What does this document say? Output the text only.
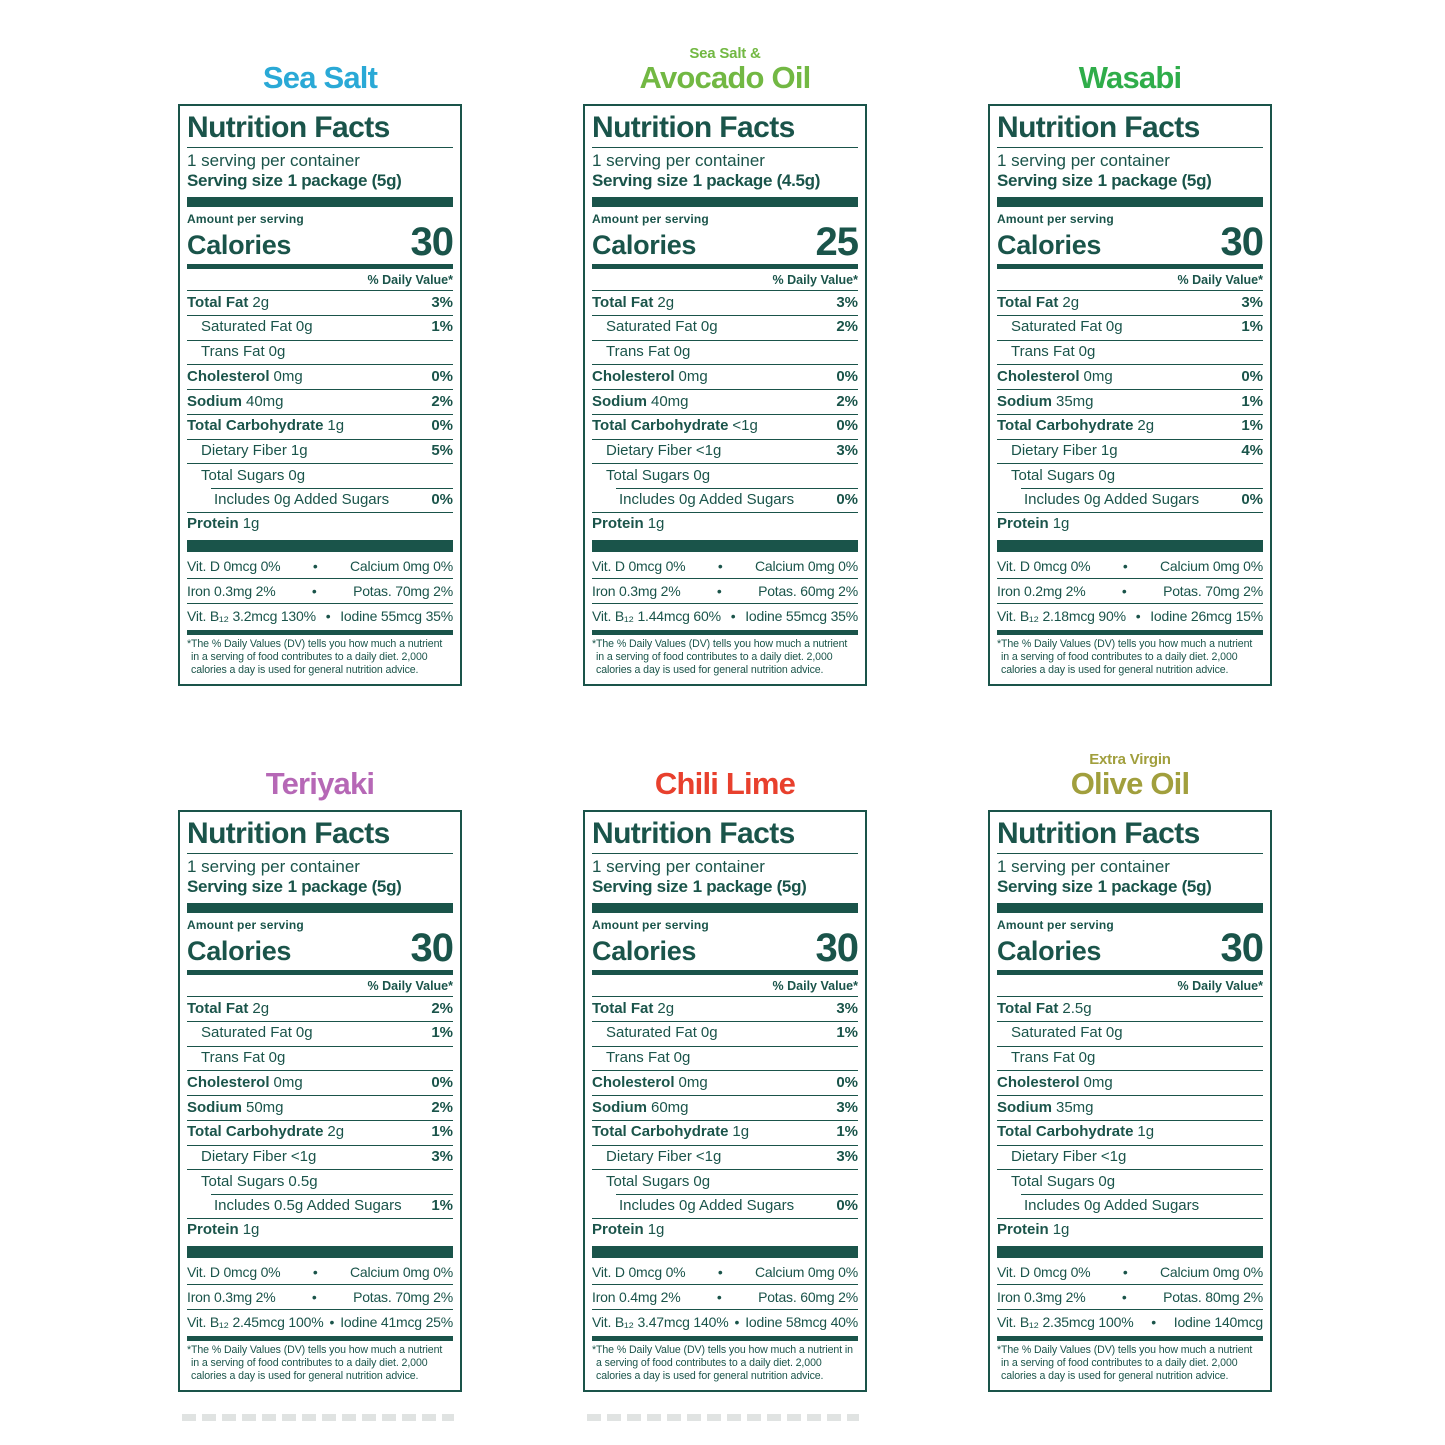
Sea Salt
Nutrition Facts
1 serving per container
Serving size 1 package (5g)
Amount per serving
Calories	30
% Daily Value*
Total Fat 2g	3%
Saturated Fat 0g	1%
Trans Fat 0g
Cholesterol 0mg	0%
Sodium 40mg	2%
Total Carbohydrate 1g	0%
Dietary Fiber 1g	5%
Total Sugars 0g
Includes 0g Added Sugars	0%
Protein 1g
Vit. D 0mcg 0%	•	Calcium 0mg 0%
Iron 0.3mg 2%	•	Potas. 70mg 2%
Vit. B₁₂ 3.2mcg 130% • Iodine 55mcg 35%
*The % Daily Values (DV) tells you how much a nutrient in a serving of food contributes to a daily diet. 2,000 calories a day is used for general nutrition advice.
Sea Salt &
Avocado Oil
Nutrition Facts
1 serving per container
Serving size 1 package (4.5g)
Amount per serving
Calories	25
% Daily Value*
Total Fat 2g	3%
Saturated Fat 0g	2%
Trans Fat 0g
Cholesterol 0mg	0%
Sodium 40mg	2%
Total Carbohydrate <1g	0%
Dietary Fiber <1g	3%
Total Sugars 0g
Includes 0g Added Sugars	0%
Protein 1g
Vit. D 0mcg 0%	•	Calcium 0mg 0%
Iron 0.3mg 2%	•	Potas. 60mg 2%
Vit. B₁₂ 1.44mcg 60% • Iodine 55mcg 35%
*The % Daily Values (DV) tells you how much a nutrient in a serving of food contributes to a daily diet. 2,000 calories a day is used for general nutrition advice.
Wasabi
Nutrition Facts
1 serving per container
Serving size 1 package (5g)
Amount per serving
Calories	30
% Daily Value*
Total Fat 2g	3%
Saturated Fat 0g	1%
Trans Fat 0g
Cholesterol 0mg	0%
Sodium 35mg	1%
Total Carbohydrate 2g	1%
Dietary Fiber 1g	4%
Total Sugars 0g
Includes 0g Added Sugars	0%
Protein 1g
Vit. D 0mcg 0%	•	Calcium 0mg 0%
Iron 0.2mg 2%	•	Potas. 70mg 2%
Vit. B₁₂ 2.18mcg 90% • Iodine 26mcg 15%
*The % Daily Values (DV) tells you how much a nutrient in a serving of food contributes to a daily diet. 2,000 calories a day is used for general nutrition advice.
Teriyaki
Nutrition Facts
1 serving per container
Serving size 1 package (5g)
Amount per serving
Calories	30
% Daily Value*
Total Fat 2g	2%
Saturated Fat 0g	1%
Trans Fat 0g
Cholesterol 0mg	0%
Sodium 50mg	2%
Total Carbohydrate 2g	1%
Dietary Fiber <1g	3%
Total Sugars 0.5g
Includes 0.5g Added Sugars 1%
Protein 1g
Vit. D 0mcg 0%	•	Calcium 0mg 0%
Iron 0.3mg 2%	•	Potas. 70mg 2%
Vit. B₁₂ 2.45mcg 100% • Iodine 41mcg 25%
*The % Daily Values (DV) tells you how much a nutrient in a serving of food contributes to a daily diet. 2,000 calories a day is used for general nutrition advice.
Chili Lime
Nutrition Facts
1 serving per container
Serving size 1 package (5g)
Amount per serving
Calories	30
% Daily Value*
Total Fat 2g	3%
Saturated Fat 0g	1%
Trans Fat 0g
Cholesterol 0mg	0%
Sodium 60mg	3%
Total Carbohydrate 1g	1%
Dietary Fiber <1g	3%
Total Sugars 0g
Includes 0g Added Sugars	0%
Protein 1g
Vit. D 0mcg 0%	•	Calcium 0mg 0%
Iron 0.4mg 2%	•	Potas. 60mg 2%
Vit. B₁₂ 3.47mcg 140% • Iodine 58mcg 40%
*The % Daily Value (DV) tells you how much a nutrient in a serving of food contributes to a daily diet. 2,000 calories a day is used for general nutrition advice.
Extra Virgin
Olive Oil
Nutrition Facts
1 serving per container
Serving size 1 package (5g)
Amount per serving
Calories	30
% Daily Value*
Total Fat 2.5g
Saturated Fat 0g
Trans Fat 0g
Cholesterol 0mg
Sodium 35mg
Total Carbohydrate 1g
Dietary Fiber <1g
Total Sugars 0g
Includes 0g Added Sugars
Protein 1g
Vit. D 0mcg 0%	•	Calcium 0mg 0%
Iron 0.3mg 2%	•	Potas. 80mg 2%
Vit. B₁₂ 2.35mcg 100%	•	Iodine 140mcg
*The % Daily Values (DV) tells you how much a nutrient in a serving of food contributes to a daily diet. 2,000 calories a day is used for general nutrition advice.
